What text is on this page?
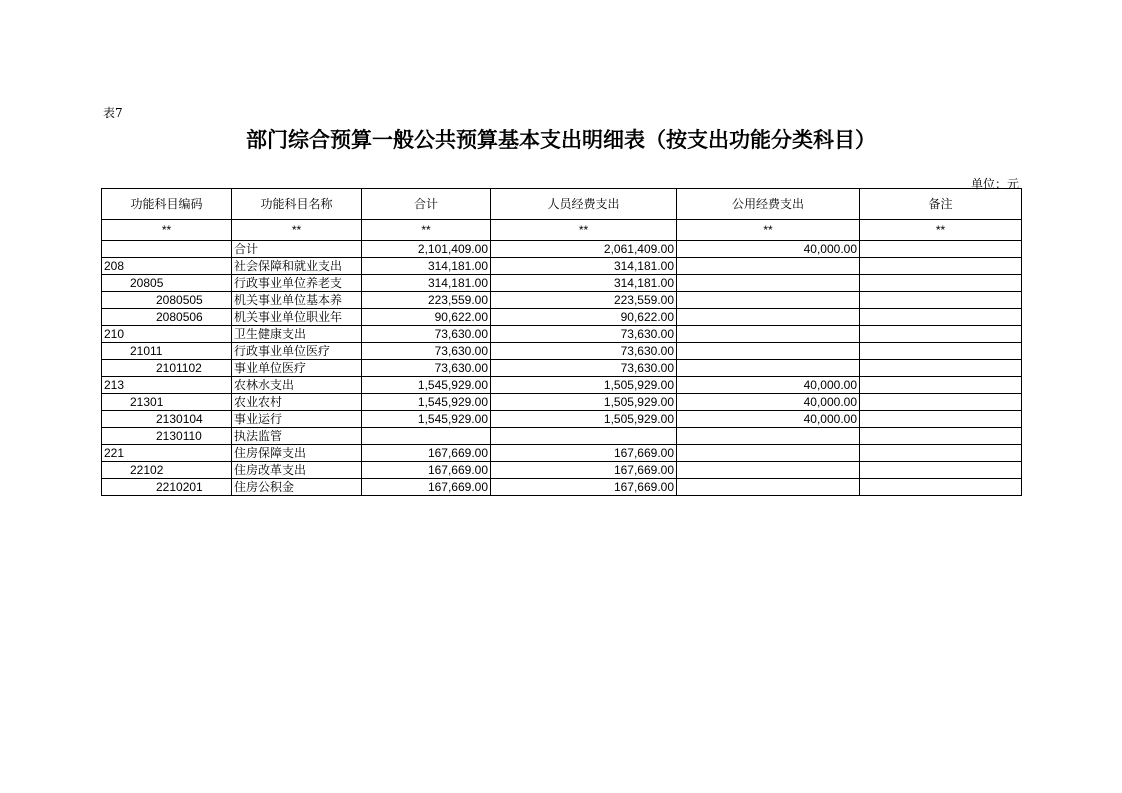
表7
部门综合预算一般公共预算基本支出明细表（按支出功能分类科目）
单位：元
功能科目编码	功能科目名称	合计	人员经费支出	公用经费支出	备注
**	**	**	**	**	**
	合计	2,101,409.00	2,061,409.00	40,000.00	
208	社会保障和就业支出	314,181.00	314,181.00		
20805	行政事业单位养老支	314,181.00	314,181.00		
2080505	机关事业单位基本养	223,559.00	223,559.00		
2080506	机关事业单位职业年	90,622.00	90,622.00		
210	卫生健康支出	73,630.00	73,630.00		
21011	行政事业单位医疗	73,630.00	73,630.00		
2101102	事业单位医疗	73,630.00	73,630.00		
213	农林水支出	1,545,929.00	1,505,929.00	40,000.00	
21301	农业农村	1,545,929.00	1,505,929.00	40,000.00	
2130104	事业运行	1,545,929.00	1,505,929.00	40,000.00	
2130110	执法监管				
221	住房保障支出	167,669.00	167,669.00		
22102	住房改革支出	167,669.00	167,669.00		
2210201	住房公积金	167,669.00	167,669.00		
